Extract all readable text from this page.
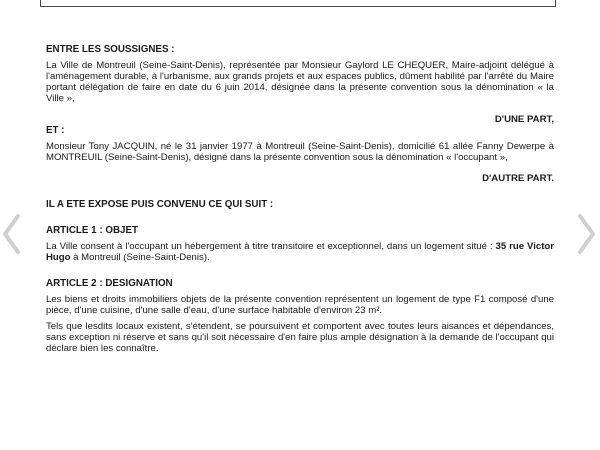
ENTRE LES SOUSSIGNES :

La Ville de Montreuil (Seine-Saint-Denis), représentée par Monsieur Gaylord LE CHEQUER, Maire-adjoint délégué à l'aménagement durable, à l'urbanisme, aux grands projets et aux espaces publics, dûment habilité par l'arrêté du Maire portant délégation de faire en date du 6 juin 2014, désignée dans la présente convention sous la dénomination « la Ville »,

D'UNE PART,

ET :

Monsieur Tony JACQUIN, né le 31 janvier 1977 à Montreuil (Seine-Saint-Denis), domicilié 61 allée Fanny Dewerpe à MONTREUIL (Seine-Saint-Denis), désigné dans la présente convention sous la dénomination « l'occupant »,

D'AUTRE PART.

IL A ETE EXPOSE PUIS CONVENU CE QUI SUIT :

ARTICLE 1 : OBJET

La Ville consent à l'occupant un hébergement à titre transitoire et exceptionnel, dans un logement situé : 35 rue Victor Hugo à Montreuil (Seine-Saint-Denis).

ARTICLE 2 : DESIGNATION

Les biens et droits immobiliers objets de la présente convention représentent un logement de type F1 composé d'une pièce, d'une cuisine, d'une salle d'eau, d'une surface habitable d'environ 23 m².

Tels que lesdits locaux existent, s'étendent, se poursuivent et comportent avec toutes leurs aisances et dépendances, sans exception ni réserve et sans qu'il soit nécessaire d'en faire plus ample désignation à la demande de l'occupant qui déclare bien les connaître.
